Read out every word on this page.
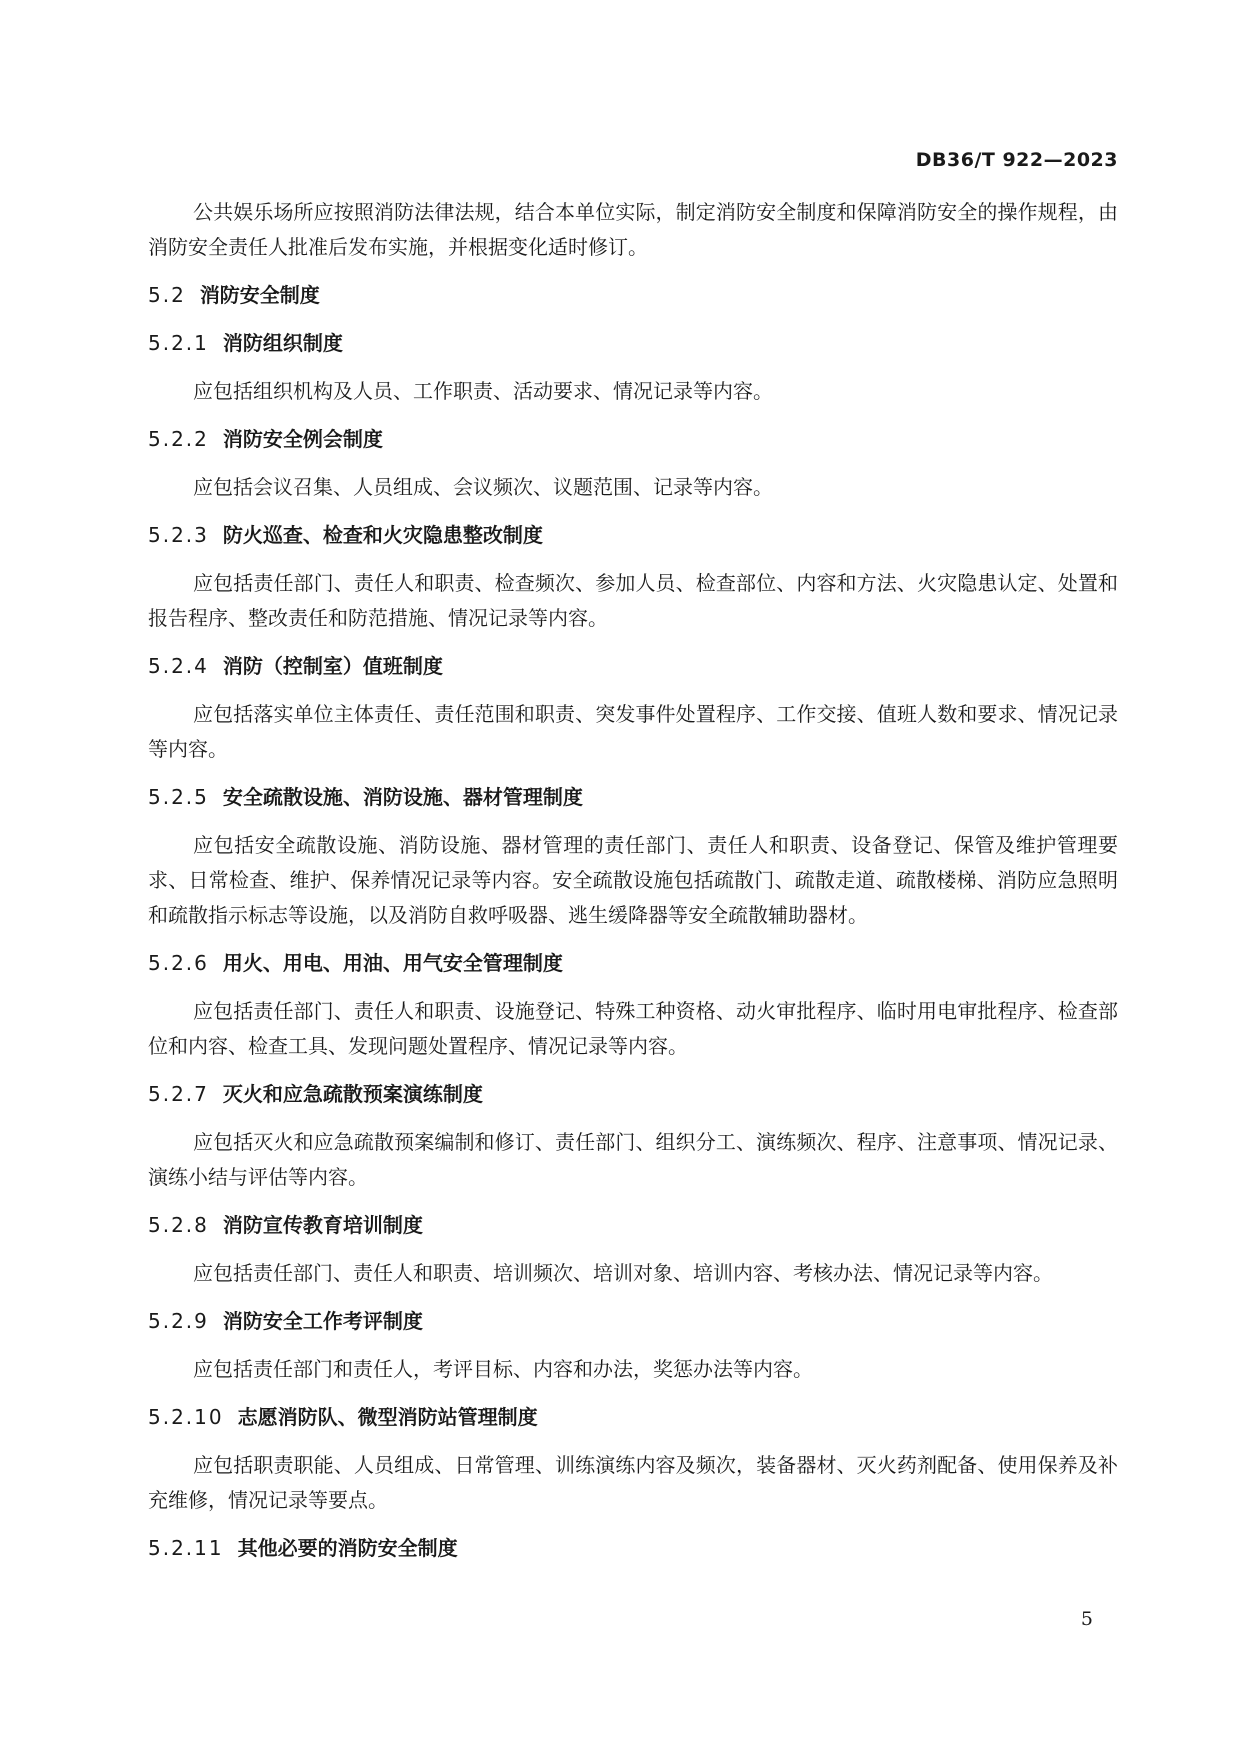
DB36/T 922—2023

公共娱乐场所应按照消防法律法规，结合本单位实际，制定消防安全制度和保障消防安全的操作规程，由消防安全责任人批准后发布实施，并根据变化适时修订。

5.2 消防安全制度
5.2.1 消防组织制度

应包括组织机构及人员、工作职责、活动要求、情况记录等内容。

5.2.2 消防安全例会制度

应包括会议召集、人员组成、会议频次、议题范围、记录等内容。

5.2.3 防火巡查、检查和火灾隐患整改制度

应包括责任部门、责任人和职责、检查频次、参加人员、检查部位、内容和方法、火灾隐患认定、处置和报告程序、整改责任和防范措施、情况记录等内容。

5.2.4 消防（控制室）值班制度

应包括落实单位主体责任、责任范围和职责、突发事件处置程序、工作交接、值班人数和要求、情况记录等内容。

5.2.5 安全疏散设施、消防设施、器材管理制度

应包括安全疏散设施、消防设施、器材管理的责任部门、责任人和职责、设备登记、保管及维护管理要求、日常检查、维护、保养情况记录等内容。安全疏散设施包括疏散门、疏散走道、疏散楼梯、消防应急照明和疏散指示标志等设施，以及消防自救呼吸器、逃生缓降器等安全疏散辅助器材。

5.2.6 用火、用电、用油、用气安全管理制度

应包括责任部门、责任人和职责、设施登记、特殊工种资格、动火审批程序、临时用电审批程序、检查部位和内容、检查工具、发现问题处置程序、情况记录等内容。

5.2.7 灭火和应急疏散预案演练制度

应包括灭火和应急疏散预案编制和修订、责任部门、组织分工、演练频次、程序、注意事项、情况记录、演练小结与评估等内容。

5.2.8 消防宣传教育培训制度

应包括责任部门、责任人和职责、培训频次、培训对象、培训内容、考核办法、情况记录等内容。

5.2.9 消防安全工作考评制度

应包括责任部门和责任人，考评目标、内容和办法，奖惩办法等内容。

5.2.10 志愿消防队、微型消防站管理制度

应包括职责职能、人员组成、日常管理、训练演练内容及频次，装备器材、灭火药剂配备、使用保养及补充维修，情况记录等要点。

5.2.11 其他必要的消防安全制度
5
